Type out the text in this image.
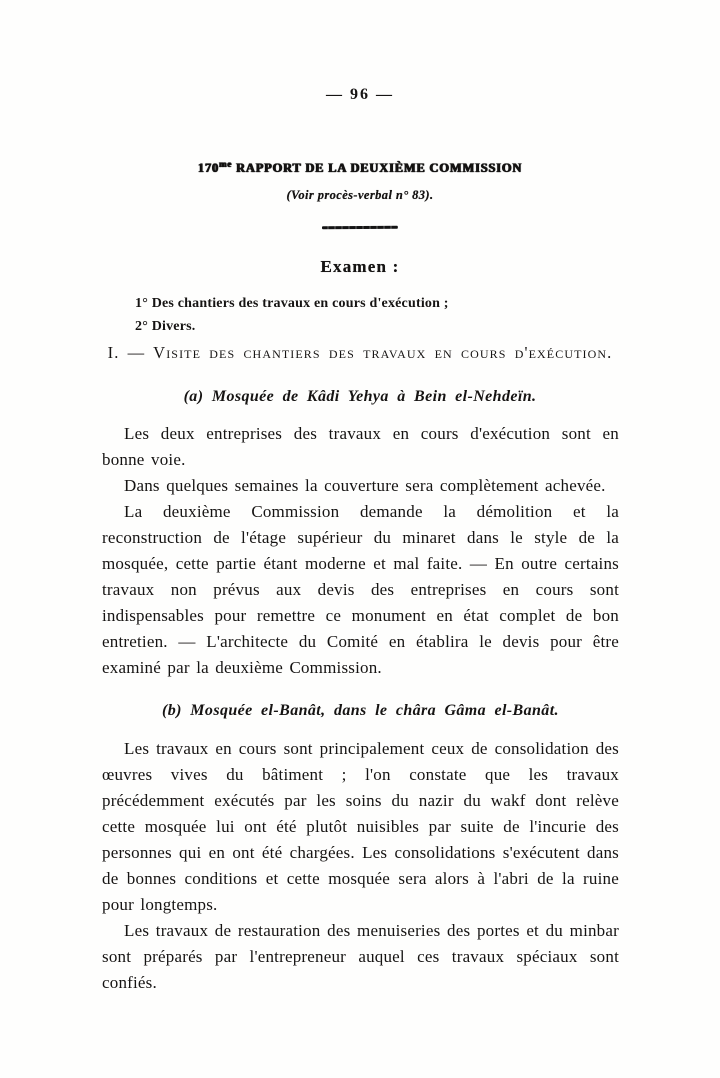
— 96 —
$170^{me}$ RAPPORT DE LA DEUXIÈME COMMISSION
(Voir procès-verbal n° 83).
Examen :
1° Des chantiers des travaux en cours d'exécution ;
2° Divers.
I. — Visite des chantiers des travaux en cours d'exécution.
(a) Mosquée de Kâdi Yehya à Bein el-Nehdeïn.

Les deux entreprises des travaux en cours d'exécution sont en bonne voie.

Dans quelques semaines la couverture sera complètement achevée.

La deuxième Commission demande la démolition et la reconstruction de l'étage supérieur du minaret dans le style de la mosquée, cette partie étant moderne et mal faite. — En outre certains travaux non prévus aux devis des entreprises en cours sont indispensables pour remettre ce monument en état complet de bon entretien. — L'architecte du Comité en établira le devis pour être examiné par la deuxième Commission.

(b) Mosquée el-Banât, dans le châra Gâma el-Banât.

Les travaux en cours sont principalement ceux de consolidation des œuvres vives du bâtiment ; l'on constate que les travaux précédemment exécutés par les soins du nazir du wakf dont relève cette mosquée lui ont été plutôt nuisibles par suite de l'incurie des personnes qui en ont été chargées. Les consolidations s'exécutent dans de bonnes conditions et cette mosquée sera alors à l'abri de la ruine pour longtemps.

Les travaux de restauration des menuiseries des portes et du minbar sont préparés par l'entrepreneur auquel ces travaux spéciaux sont confiés.
